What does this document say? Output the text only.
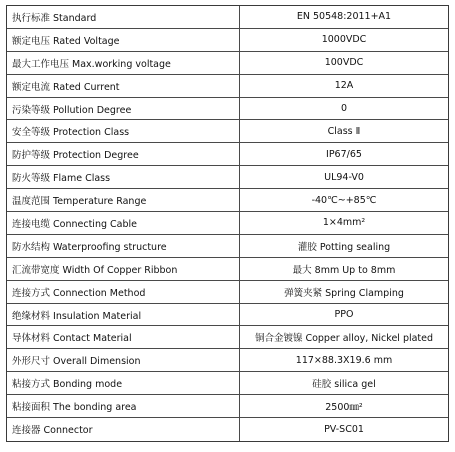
执行标准 Standard	EN 50548:2011+A1
额定电压 Rated Voltage	1000VDC
最大工作电压 Max.working voltage	100VDC
额定电流 Rated Current	12A
污染等级 Pollution Degree	0
安全等级 Protection Class	Class Ⅱ
防护等级 Protection Degree	IP67/65
防火等级 Flame Class	UL94-V0
温度范围 Temperature Range	-40℃~+85℃
连接电缆 Connecting Cable	1×4mm²
防水结构 Waterproofing structure	灌胶 Potting sealing
汇流带宽度 Width Of Copper Ribbon	最大 8mm Up to 8mm
连接方式 Connection Method	弹簧夹紧 Spring Clamping
绝缘材料 Insulation Material	PPO
导体材料 Contact Material	铜合金镀镍 Copper alloy, Nickel plated
外形尺寸 Overall Dimension	117×88.3X19.6 mm
粘接方式 Bonding mode	硅胶 silica gel
粘接面积 The bonding area	2500㎜²
连接器 Connector	PV-SC01
